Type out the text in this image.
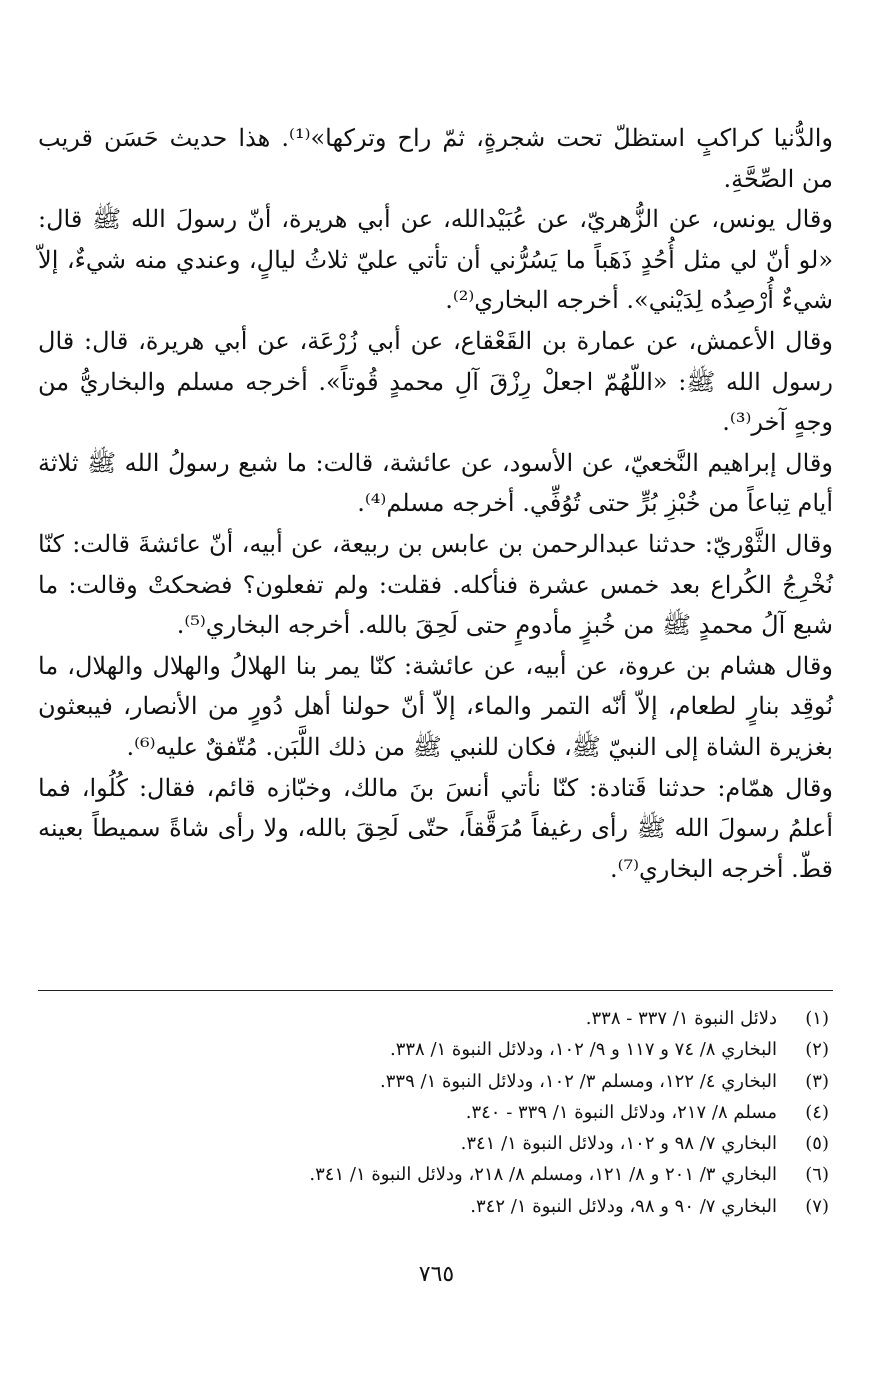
والدُّنيا كراكبٍ استظلّ تحت شجرةٍ، ثمّ راح وتركها»⁽¹⁾. هذا حديث حَسَن قريب من الصِّحَّةِ.

وقال يونس، عن الزُّهريّ، عن عُبَيْدالله، عن أبي هريرة، أنّ رسولَ الله ﷺ قال: «لو أنّ لي مثل أُحُدٍ ذَهَباً ما يَسُرُّني أن تأتي عليّ ثلاثُ ليالٍ، وعندي منه شيءٌ، إلاّ شيءٌ أُرْصِدُه لِدَيْني». أخرجه البخاري⁽²⁾.

وقال الأعمش، عن عمارة بن القَعْقاع، عن أبي زُرْعَة، عن أبي هريرة، قال: قال رسول الله ﷺ: «اللّهُمّ اجعلْ رِزْقَ آلِ محمدٍ قُوتاً». أخرجه مسلم والبخاريُّ من وجهٍ آخر⁽³⁾.

وقال إبراهيم النَّخعيّ، عن الأسود، عن عائشة، قالت: ما شبع رسولُ الله ﷺ ثلاثة أيام تِباعاً من خُبْزِ بُرٍّ حتى تُوُفِّي. أخرجه مسلم⁽⁴⁾.

وقال الثَّوْريّ: حدثنا عبدالرحمن بن عابس بن ربيعة، عن أبيه، أنّ عائشةَ قالت: كنّا نُخْرِجُ الكُراع بعد خمس عشرة فنأكله. فقلت: ولم تفعلون؟ فضحكتْ وقالت: ما شبع آلُ محمدٍ ﷺ من خُبزٍ مأدومٍ حتى لَحِقَ بالله. أخرجه البخاري⁽⁵⁾.

وقال هشام بن عروة، عن أبيه، عن عائشة: كنّا يمر بنا الهلالُ والهلال والهلال، ما نُوقِد بنارٍ لطعام، إلاّ أنّه التمر والماء، إلاّ أنّ حولنا أهل دُورٍ من الأنصار، فيبعثون بغزيرة الشاة إلى النبيّ ﷺ، فكان للنبي ﷺ من ذلك اللَّبَن. مُتّفقٌ عليه⁽⁶⁾.

وقال همّام: حدثنا قَتادة: كنّا نأتي أنسَ بنَ مالك، وخبّازه قائم، فقال: كُلُوا، فما أعلمُ رسولَ الله ﷺ رأى رغيفاً مُرَقَّقاً، حتّى لَحِقَ بالله، ولا رأى شاةً سميطاً بعينه قطّ. أخرجه البخاري⁽⁷⁾.

(١)
دلائل النبوة ١/ ٣٣٧ - ٣٣٨.
(٢)
البخاري ٨/ ٧٤ و ١١٧ و ٩/ ١٠٢، ودلائل النبوة ١/ ٣٣٨.
(٣)
البخاري ٤/ ١٢٢، ومسلم ٣/ ١٠٢، ودلائل النبوة ١/ ٣٣٩.
(٤)
مسلم ٨/ ٢١٧، ودلائل النبوة ١/ ٣٣٩ - ٣٤٠.
(٥)
البخاري ٧/ ٩٨ و ١٠٢، ودلائل النبوة ١/ ٣٤١.
(٦)
البخاري ٣/ ٢٠١ و ٨/ ١٢١، ومسلم ٨/ ٢١٨، ودلائل النبوة ١/ ٣٤١.
(٧)
البخاري ٧/ ٩٠ و ٩٨، ودلائل النبوة ١/ ٣٤٢.
٧٦٥
